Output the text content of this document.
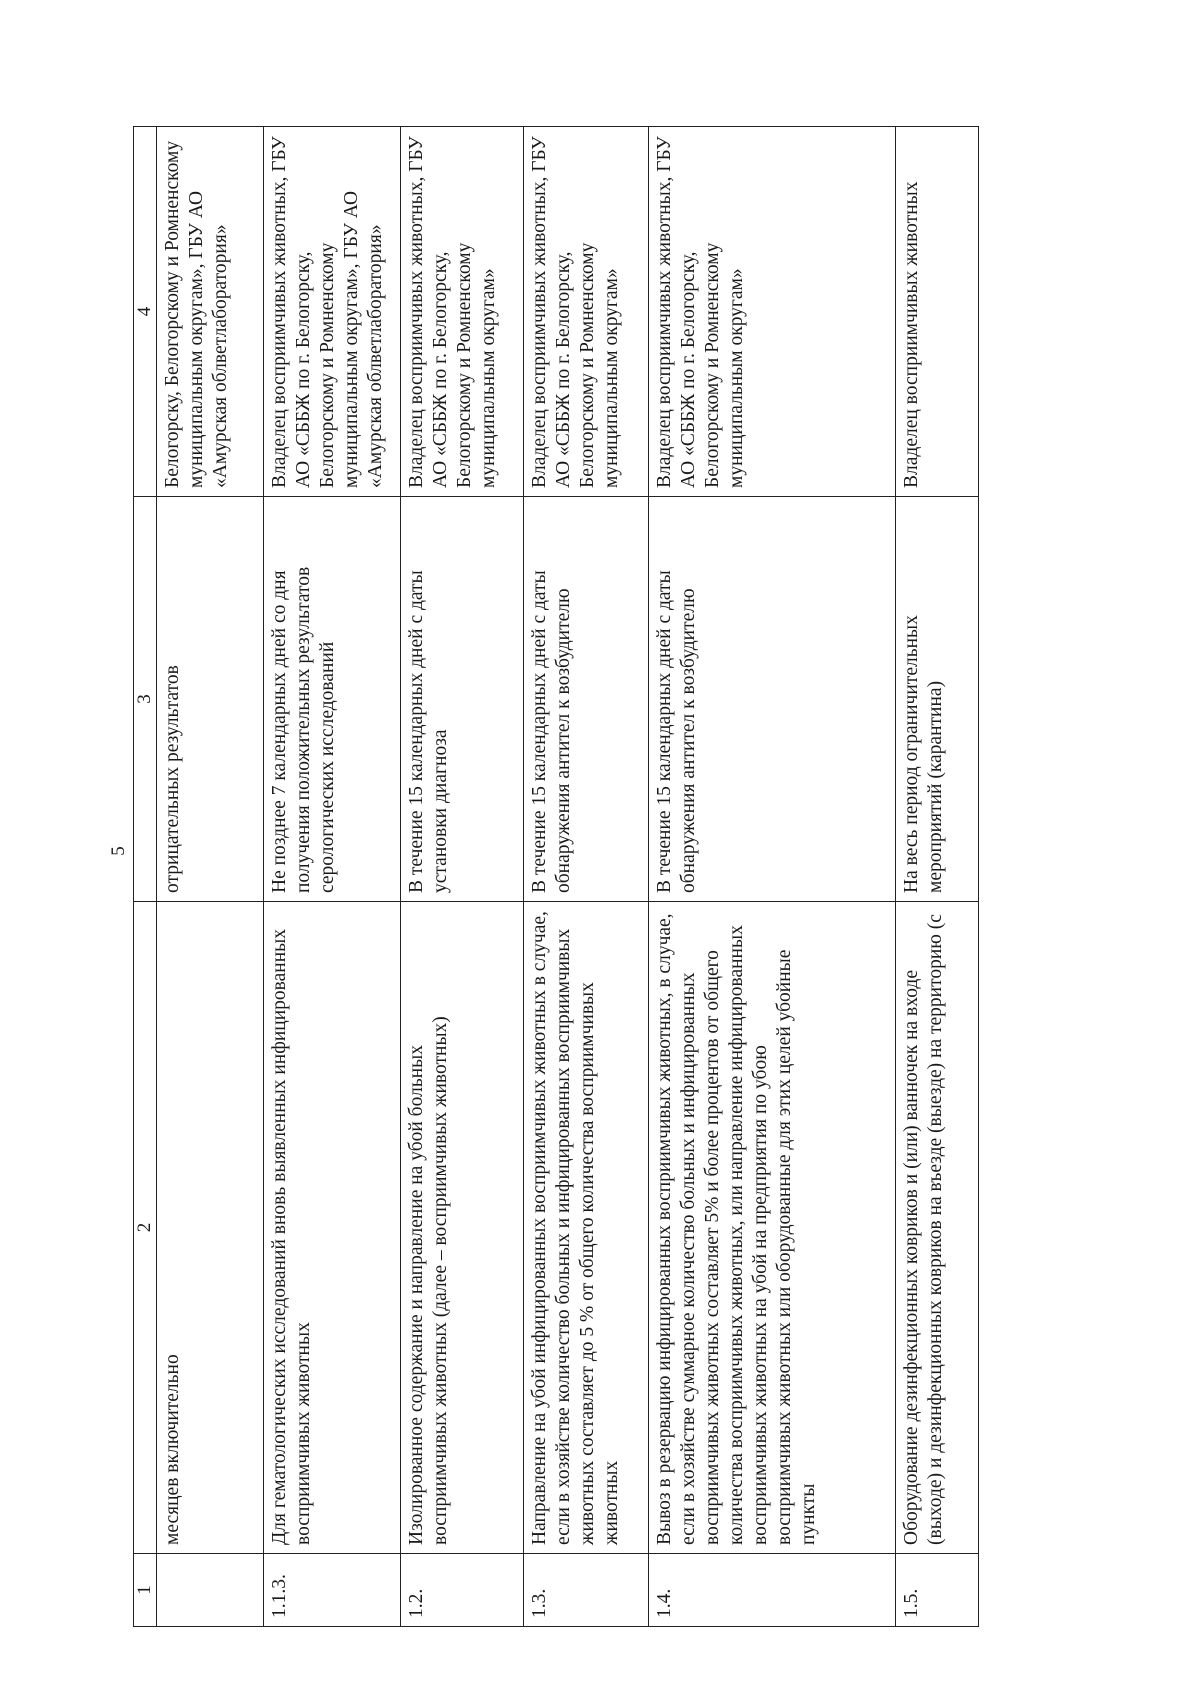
5
1	2	3	4
	месяцев включительно	отрицательных результатов	Белогорску, Белогорскому и Ромненскому муниципальным округам», ГБУ АО «Амурская облветлаборатория»
1.1.3.	Для гематологических исследований вновь выявленных инфицированных восприимчивых животных	Не позднее 7 календарных дней со дня получения положительных результатов серологических исследований	Владелец восприимчивых животных, ГБУ АО «СББЖ по г. Белогорску, Белогорскому и Ромненскому муниципальным округам», ГБУ АО «Амурская облветлаборатория»
1.2.	Изолированное содержание и направление на убой больных восприимчивых животных (далее – восприимчивых животных)	В течение 15 календарных дней с даты установки диагноза	Владелец восприимчивых животных, ГБУ АО «СББЖ по г. Белогорску, Белогорскому и Ромненскому муниципальным округам»
1.3.	Направление на убой инфицированных восприимчивых животных в случае, если в хозяйстве количество больных и инфицированных восприимчивых животных составляет до 5 % от общего количества восприимчивых животных	В течение 15 календарных дней с даты обнаружения антител к возбудителю	Владелец восприимчивых животных, ГБУ АО «СББЖ по г. Белогорску, Белогорскому и Ромненскому муниципальным округам»
1.4.	Вывоз в резервацию инфицированных восприимчивых животных, в случае, если в хозяйстве суммарное количество больных и инфицированных восприимчивых животных составляет 5% и более процентов от общего количества восприимчивых животных, или направление инфицированных восприимчивых животных на убой на предприятия по убою восприимчивых животных или оборудованные для этих целей убойные пункты	В течение 15 календарных дней с даты обнаружения антител к возбудителю	Владелец восприимчивых животных, ГБУ АО «СББЖ по г. Белогорску, Белогорскому и Ромненскому муниципальным округам»
1.5.	Оборудование дезинфекционных ковриков и (или) ванночек на входе (выходе) и дезинфекционных ковриков на въезде (выезде) на территорию (с	На весь период ограничительных мероприятий (карантина)	Владелец восприимчивых животных
